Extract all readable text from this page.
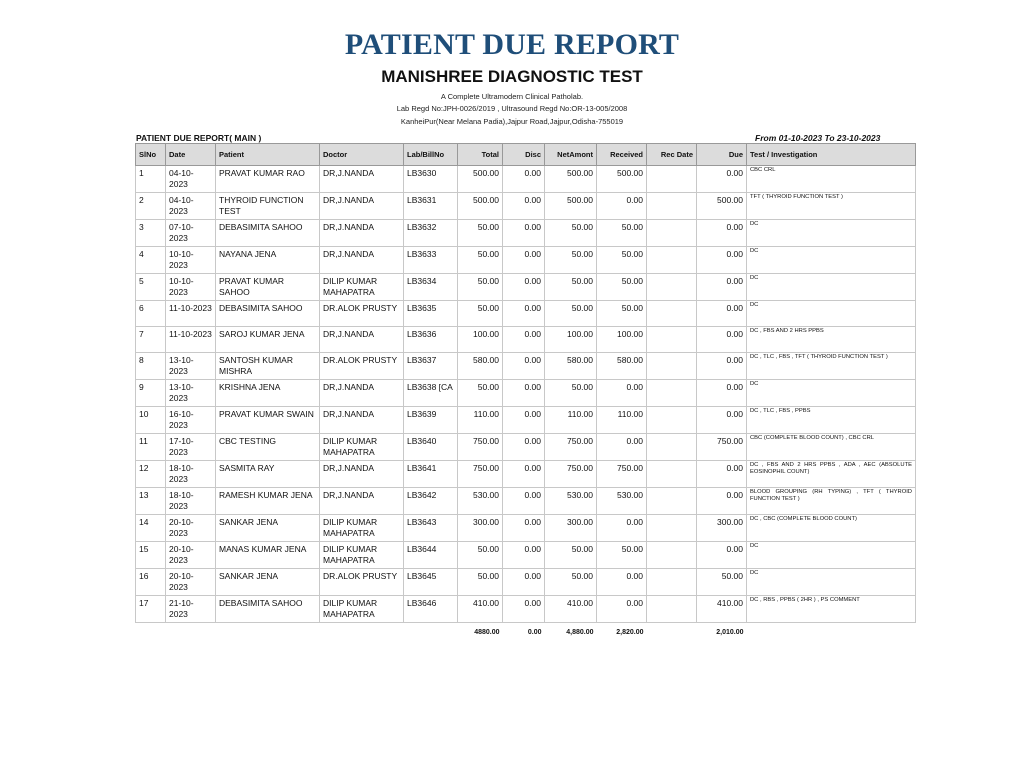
PATIENT DUE REPORT
MANISHREE DIAGNOSTIC TEST
A Complete Ultramodern Clinical Patholab.
Lab Regd No:JPH-0026/2019 , Ultrasound Regd No:OR-13-005/2008
KanheiPur(Near Melana Padia),Jajpur Road,Jajpur,Odisha-755019
PATIENT DUE REPORT( MAIN )	From 01-10-2023 To 23-10-2023
SlNo	Date	Patient	Doctor	Lab/BillNo	Total	Disc	NetAmont	Received	Rec Date	Due	Test / Investigation
1	04-10-2023	PRAVAT KUMAR RAO	DR,J.NANDA	LB3630	500.00	0.00	500.00	500.00		0.00	CBC CRL
2	04-10-2023	THYROID FUNCTION TEST	DR,J.NANDA	LB3631	500.00	0.00	500.00	0.00		500.00	TFT ( THYROID FUNCTION TEST )
3	07-10-2023	DEBASIMITA SAHOO	DR,J.NANDA	LB3632	50.00	0.00	50.00	50.00		0.00	DC
4	10-10-2023	NAYANA JENA	DR,J.NANDA	LB3633	50.00	0.00	50.00	50.00		0.00	DC
5	10-10-2023	PRAVAT KUMAR SAHOO	DILIP KUMAR MAHAPATRA	LB3634	50.00	0.00	50.00	50.00		0.00	DC
6	11-10-2023	DEBASIMITA SAHOO	DR.ALOK PRUSTY	LB3635	50.00	0.00	50.00	50.00		0.00	DC
7	11-10-2023	SAROJ KUMAR JENA	DR,J.NANDA	LB3636	100.00	0.00	100.00	100.00		0.00	DC , FBS AND 2 HRS PPBS
8	13-10-2023	SANTOSH KUMAR MISHRA	DR.ALOK PRUSTY	LB3637	580.00	0.00	580.00	580.00		0.00	DC , TLC , FBS , TFT ( THYROID FUNCTION TEST )
9	13-10-2023	KRISHNA JENA	DR,J.NANDA	LB3638 [CA	50.00	0.00	50.00	0.00		0.00	DC
10	16-10-2023	PRAVAT KUMAR SWAIN	DR,J.NANDA	LB3639	110.00	0.00	110.00	110.00		0.00	DC , TLC , FBS , PPBS
11	17-10-2023	CBC TESTING	DILIP KUMAR MAHAPATRA	LB3640	750.00	0.00	750.00	0.00		750.00	CBC (COMPLETE BLOOD COUNT) , CBC CRL
12	18-10-2023	SASMITA RAY	DR,J.NANDA	LB3641	750.00	0.00	750.00	750.00		0.00	DC , FBS AND 2 HRS PPBS , ADA , AEC (ABSOLUTE EOSINOPHIL COUNT)
13	18-10-2023	RAMESH KUMAR JENA	DR,J.NANDA	LB3642	530.00	0.00	530.00	530.00		0.00	BLOOD GROUPING (RH TYPING) , TFT ( THYROID FUNCTION TEST )
14	20-10-2023	SANKAR JENA	DILIP KUMAR MAHAPATRA	LB3643	300.00	0.00	300.00	0.00		300.00	DC , CBC (COMPLETE BLOOD COUNT)
15	20-10-2023	MANAS KUMAR JENA	DILIP KUMAR MAHAPATRA	LB3644	50.00	0.00	50.00	50.00		0.00	DC
16	20-10-2023	SANKAR JENA	DR.ALOK PRUSTY	LB3645	50.00	0.00	50.00	0.00		50.00	DC
17	21-10-2023	DEBASIMITA SAHOO	DILIP KUMAR MAHAPATRA	LB3646	410.00	0.00	410.00	0.00		410.00	DC , RBS , PPBS ( 2HR ) , PS COMMENT
					4880.00	0.00	4,880.00	2,820.00		2,010.00	
